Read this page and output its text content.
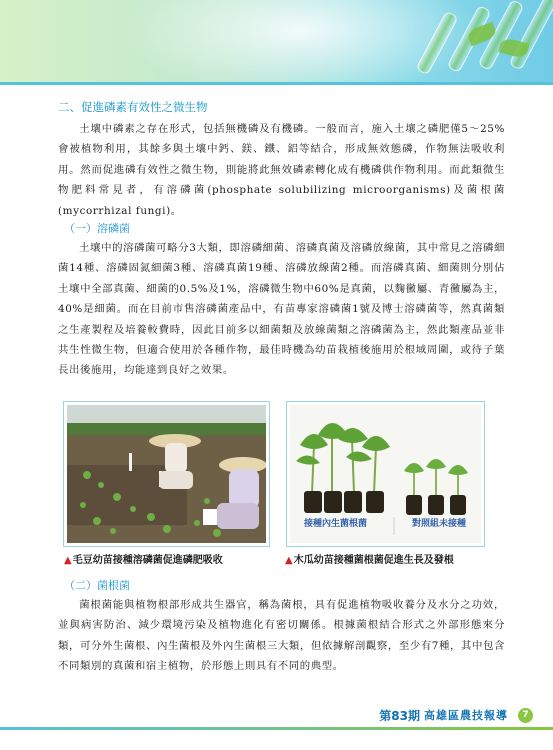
二、促進磷素有效性之微生物
土壤中磷素之存在形式，包括無機磷及有機磷。一般而言，施入土壤之磷肥僅5～25%會被植物利用，其餘多與土壤中鈣、鎂、鐵、鋁等結合，形成無效態磷，作物無法吸收利用。然而促進磷有效性之微生物，則能將此無效磷素轉化成有機磷供作物利用。而此類微生物肥料常見者，有溶磷菌(phosphate solubilizing microorganisms)及菌根菌(mycorrhizal fungi)。
（一）溶磷菌
土壤中的溶磷菌可略分3大類，即溶磷細菌、溶磷真菌及溶磷放線菌，其中常見之溶磷細菌14種、溶磷固氮細菌3種、溶磷真菌19種、溶磷放線菌2種。而溶磷真菌、細菌則分別佔土壤中全部真菌、細菌的0.5%及1%，溶磷微生物中60%是真菌，以麴黴屬、青黴屬為主，40%是細菌。而在目前市售溶磷菌產品中，有苗專家溶磷菌1號及博士溶磷菌等，然真菌類之生產製程及培養較費時，因此目前多以細菌類及放線菌類之溶磷菌為主，然此類產品並非共生性微生物，但適合使用於各種作物，最佳時機為幼苗栽植後施用於根域周圍，或待子葉長出後施用，均能達到良好之效果。
▲毛豆幼苗接種溶磷菌促進磷肥吸收
接種內生菌根菌	對照組未接種
▲木瓜幼苗接種菌根菌促進生長及發根
（二）菌根菌
菌根菌能與植物根部形成共生器官，稱為菌根，具有促進植物吸收養分及水分之功效，並與病害防治、減少環境污染及植物進化有密切關係。根據菌根結合形式之外部形態來分類，可分外生菌根、內生菌根及外內生菌根三大類，但依據解剖觀察，至少有7種，其中包含不同類別的真菌和宿主植物，於形態上則具有不同的典型。
第83期 高雄區農技報導	7
